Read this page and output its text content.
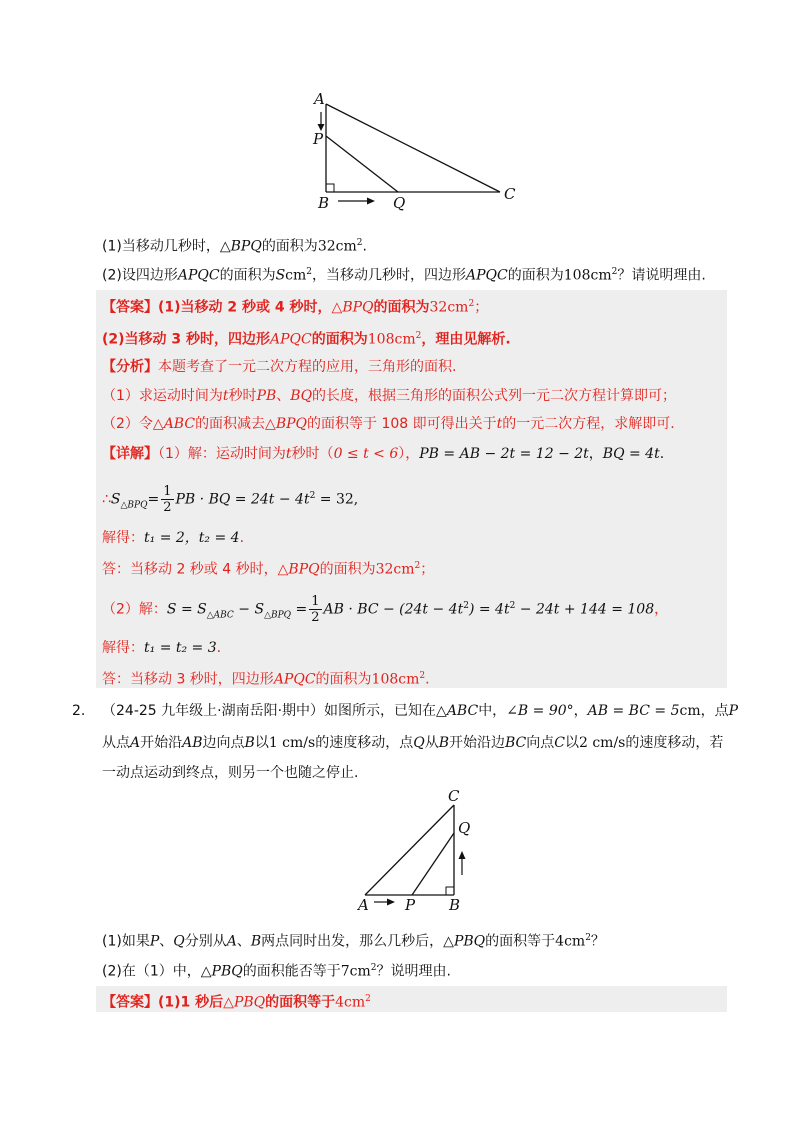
A
P
B	Q	C
(1)当移动几秒时，△BPQ的面积为$32cm^2$.
(2)设四边形APQC的面积为Scm$^2$，当移动几秒时，四边形APQC的面积为$108cm^2$？请说明理由.
【答案】(1)当移动 2 秒或 4 秒时，△BPQ的面积为$32cm^2$；
(2)当移动 3 秒时，四边形APQC的面积为$108cm^2$，理由见解析.
【分析】本题考查了一元二次方程的应用，三角形的面积.
（1）求运动时间为t秒时PB、BQ的长度，根据三角形的面积公式列一元二次方程计算即可；
（2）令△ABC的面积减去△BPQ的面积等于 108 即可得出关于t的一元二次方程，求解即可.
【详解】（1）解：运动时间为t秒时（0 ≤ t < 6），PB = AB − 2t = 12 − 2t，BQ = 4t.
$\therefore S_{\triangle BPQ}= \frac{1}{2}$ PB · BQ = $24t - 4t^2 = 32$,
解得：t₁ = 2，t₂ = 4.
答：当移动 2 秒或 4 秒时，△BPQ的面积为$32cm^2$；
（2）解：$S = S_{\triangle ABC} - S_{\triangle BPQ} = \frac{1}{2}$ AB · BC − $(24t - 4t^2) = 4t^2 - 24t + 144 = 108$，
解得：t₁ = t₂ = 3.
答：当移动 3 秒时，四边形APQC的面积为$108cm^2$.
2. （24-25 九年级上·湖南岳阳·期中）如图所示，已知在△ABC中，∠B = 90°，AB = BC = 5cm，点P
从点A开始沿AB边向点B以1 cm/s的速度移动，点Q从B开始沿边BC向点C以2 cm/s的速度移动，若
一动点运动到终点，则另一个也随之停止.
C
Q
A P B
(1)如果P、Q分别从A、B两点同时出发，那么几秒后，△PBQ的面积等于$4cm^2$？
(2)在（1）中，△PBQ的面积能否等于$7cm^2$？说明理由.
【答案】(1)1 秒后△PBQ的面积等于$4cm^2$
